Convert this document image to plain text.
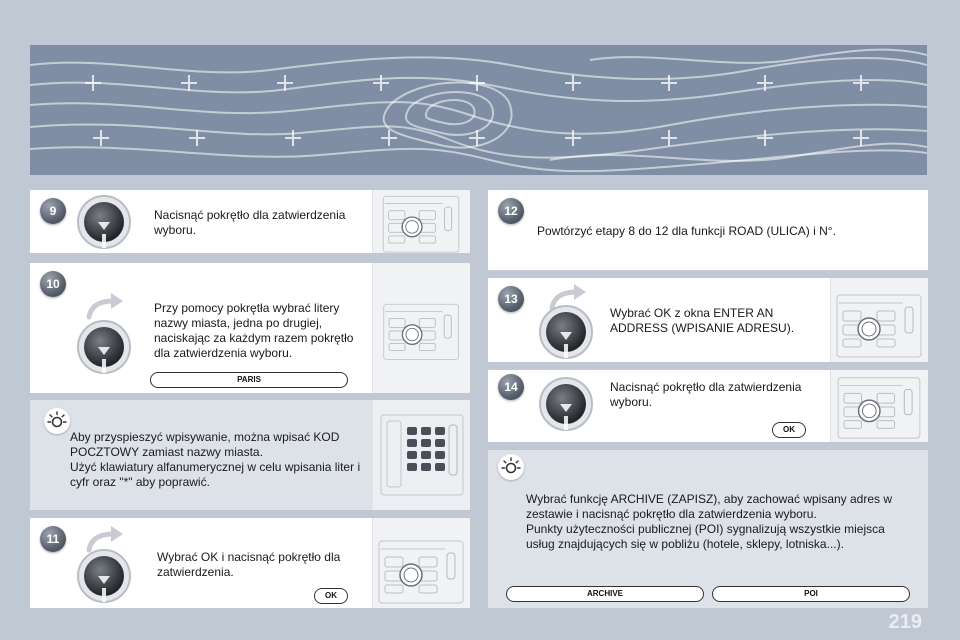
9	Nacisnąć pokrętło dla zatwierdzenia wyboru.
10
Przy pomocy pokrętła wybrać litery nazwy miasta, jedna po drugiej, naciskając za każdym razem pokrętło dla zatwierdzenia wyboru.
PARIS
Aby przyspieszyć wpisywanie, można wpisać KOD POCZTOWY zamiast nazwy miasta.
Użyć klawiatury alfanumerycznej w celu wpisania liter i cyfr oraz "*" aby poprawić.
11
Wybrać OK i nacisnąć pokrętło dla zatwierdzenia.
OK
12
Powtórzyć etapy 8 do 12 dla funkcji ROAD (ULICA) i N°.
13
Wybrać OK z okna ENTER AN ADDRESS (WPISANIE ADRESU).
14	Nacisnąć pokrętło dla zatwierdzenia wyboru.
OK
Wybrać funkcję ARCHIVE (ZAPISZ), aby zachować wpisany adres w zestawie i nacisnąć pokrętło dla zatwierdzenia wyboru.
Punkty użyteczności publicznej (POI) sygnalizują wszystkie miejsca usług znajdujących się w pobliżu (hotele, sklepy, lotniska...).
ARCHIVE	POI
219
